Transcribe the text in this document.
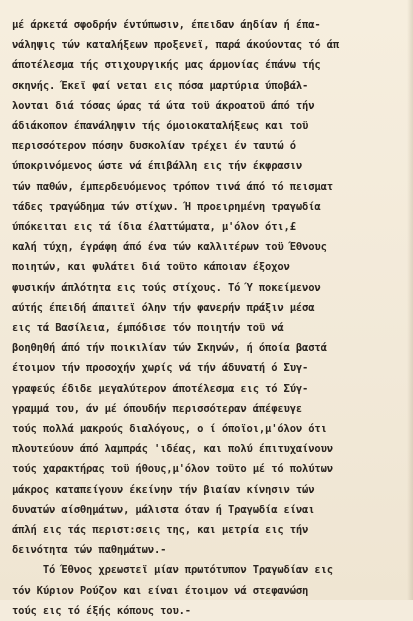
μέ άρκετά σφοδρήν έντύπωσιν, έπειδαν άηδίαν ή έπα-
νάληψις τών καταλήξεων προξενεϊ, παρά άκούοντας τό άπ
άποτέλεσμα τής στιχουργικής μας άρμονίας έπάνω τής
σκηνής. Έκεϊ φαί νεται εις πόσα μαρτύρια ύποβάλ-
λονται διά τόσας ώρας τά ώτα τοϋ άκροατοϋ άπό τήν
άδιάκοπον έπανάληψιν τής όμοιοκαταλήξεως και τοϋ
περισσότερον πόσην δυσκολίαν τρέχει έν ταυτώ ό
ύποκρινόμενος ώστε νά έπιβάλλη εις τήν έκφρασιν
τών παθών, έμπερδευόμενος τρόπον τινά άπό τό πεισματ
τάδες τραγώδημα τών στίχων. Ή προειρημένη τραγωδία
ύπόκειται εις τά ίδια έλαττώματα, μ'όλον ότι,£
καλή τύχη, έγράφη άπό ένα τών καλλιτέρων τοϋ Έθνους
ποιητών, και φυλάτει διά τοϋτο κάποιαν έξοχον
φυσικήν άπλότητα εις τούς στίχους. Τό Ύ ποκείμενον
αύτής έπειδή άπαιτεϊ όλην τήν φανερήν πράξιν μέσα
εις τά Βασίλεια, έμπόδισε τόν ποιητήν τοϋ νά
βοηθηθή άπό τήν ποικιλίαν τών Σκηνών, ή όποία βαστά
έτοιμον τήν προσοχήν χωρίς νά τήν άδυνατή ό Συγ-
γραφεύς έδιδε μεγαλύτερον άποτέλεσμα εις τό Σύγ-
γραμμά του, άν μέ όπουδήν περισσότεραν άπέφευγε
τούς πολλά μακρούς διαλόγους, ο ί όποϊοι,μ'όλον ότι
πλουτεύουν άπό λαμπράς 'ιδέας, και πολύ έπιτυχαίνουν
τούς χαρακτήρας τοϋ ήθους,μ'όλον τοϋτο μέ τό πολύτων
μάκρος καταπείγουν έκείνην τήν βιαίαν κίνησιν τών
δυνατών αίσθημάτων, μάλιστα όταν ή Τραγωδία είναι
άπλή εις τάς περιστ:σεις της, και μετρία εις τήν
δεινότητα τών παθημάτων.-
Τό Έθνος χρεωστεϊ μίαν πρωτότυπον Τραγωδίαν εις
τόν Κύριον Ρούζον και είναι έτοιμον νά στεφανώση
τούς εις τό έξής κόπους του.-
